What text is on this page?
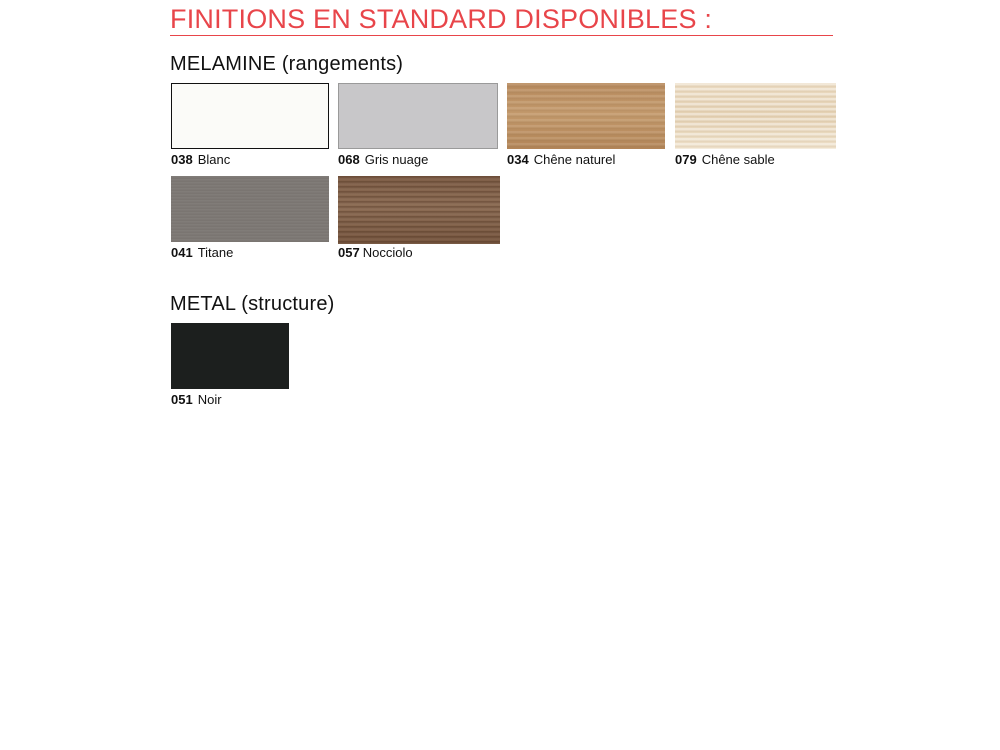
FINITIONS EN STANDARD DISPONIBLES :
MELAMINE (rangements)
038 Blanc	068 Gris nuage	034 Chêne naturel	079 Chêne sable
041 Titane	057 Nocciolo
METAL (structure)
051 Noir
